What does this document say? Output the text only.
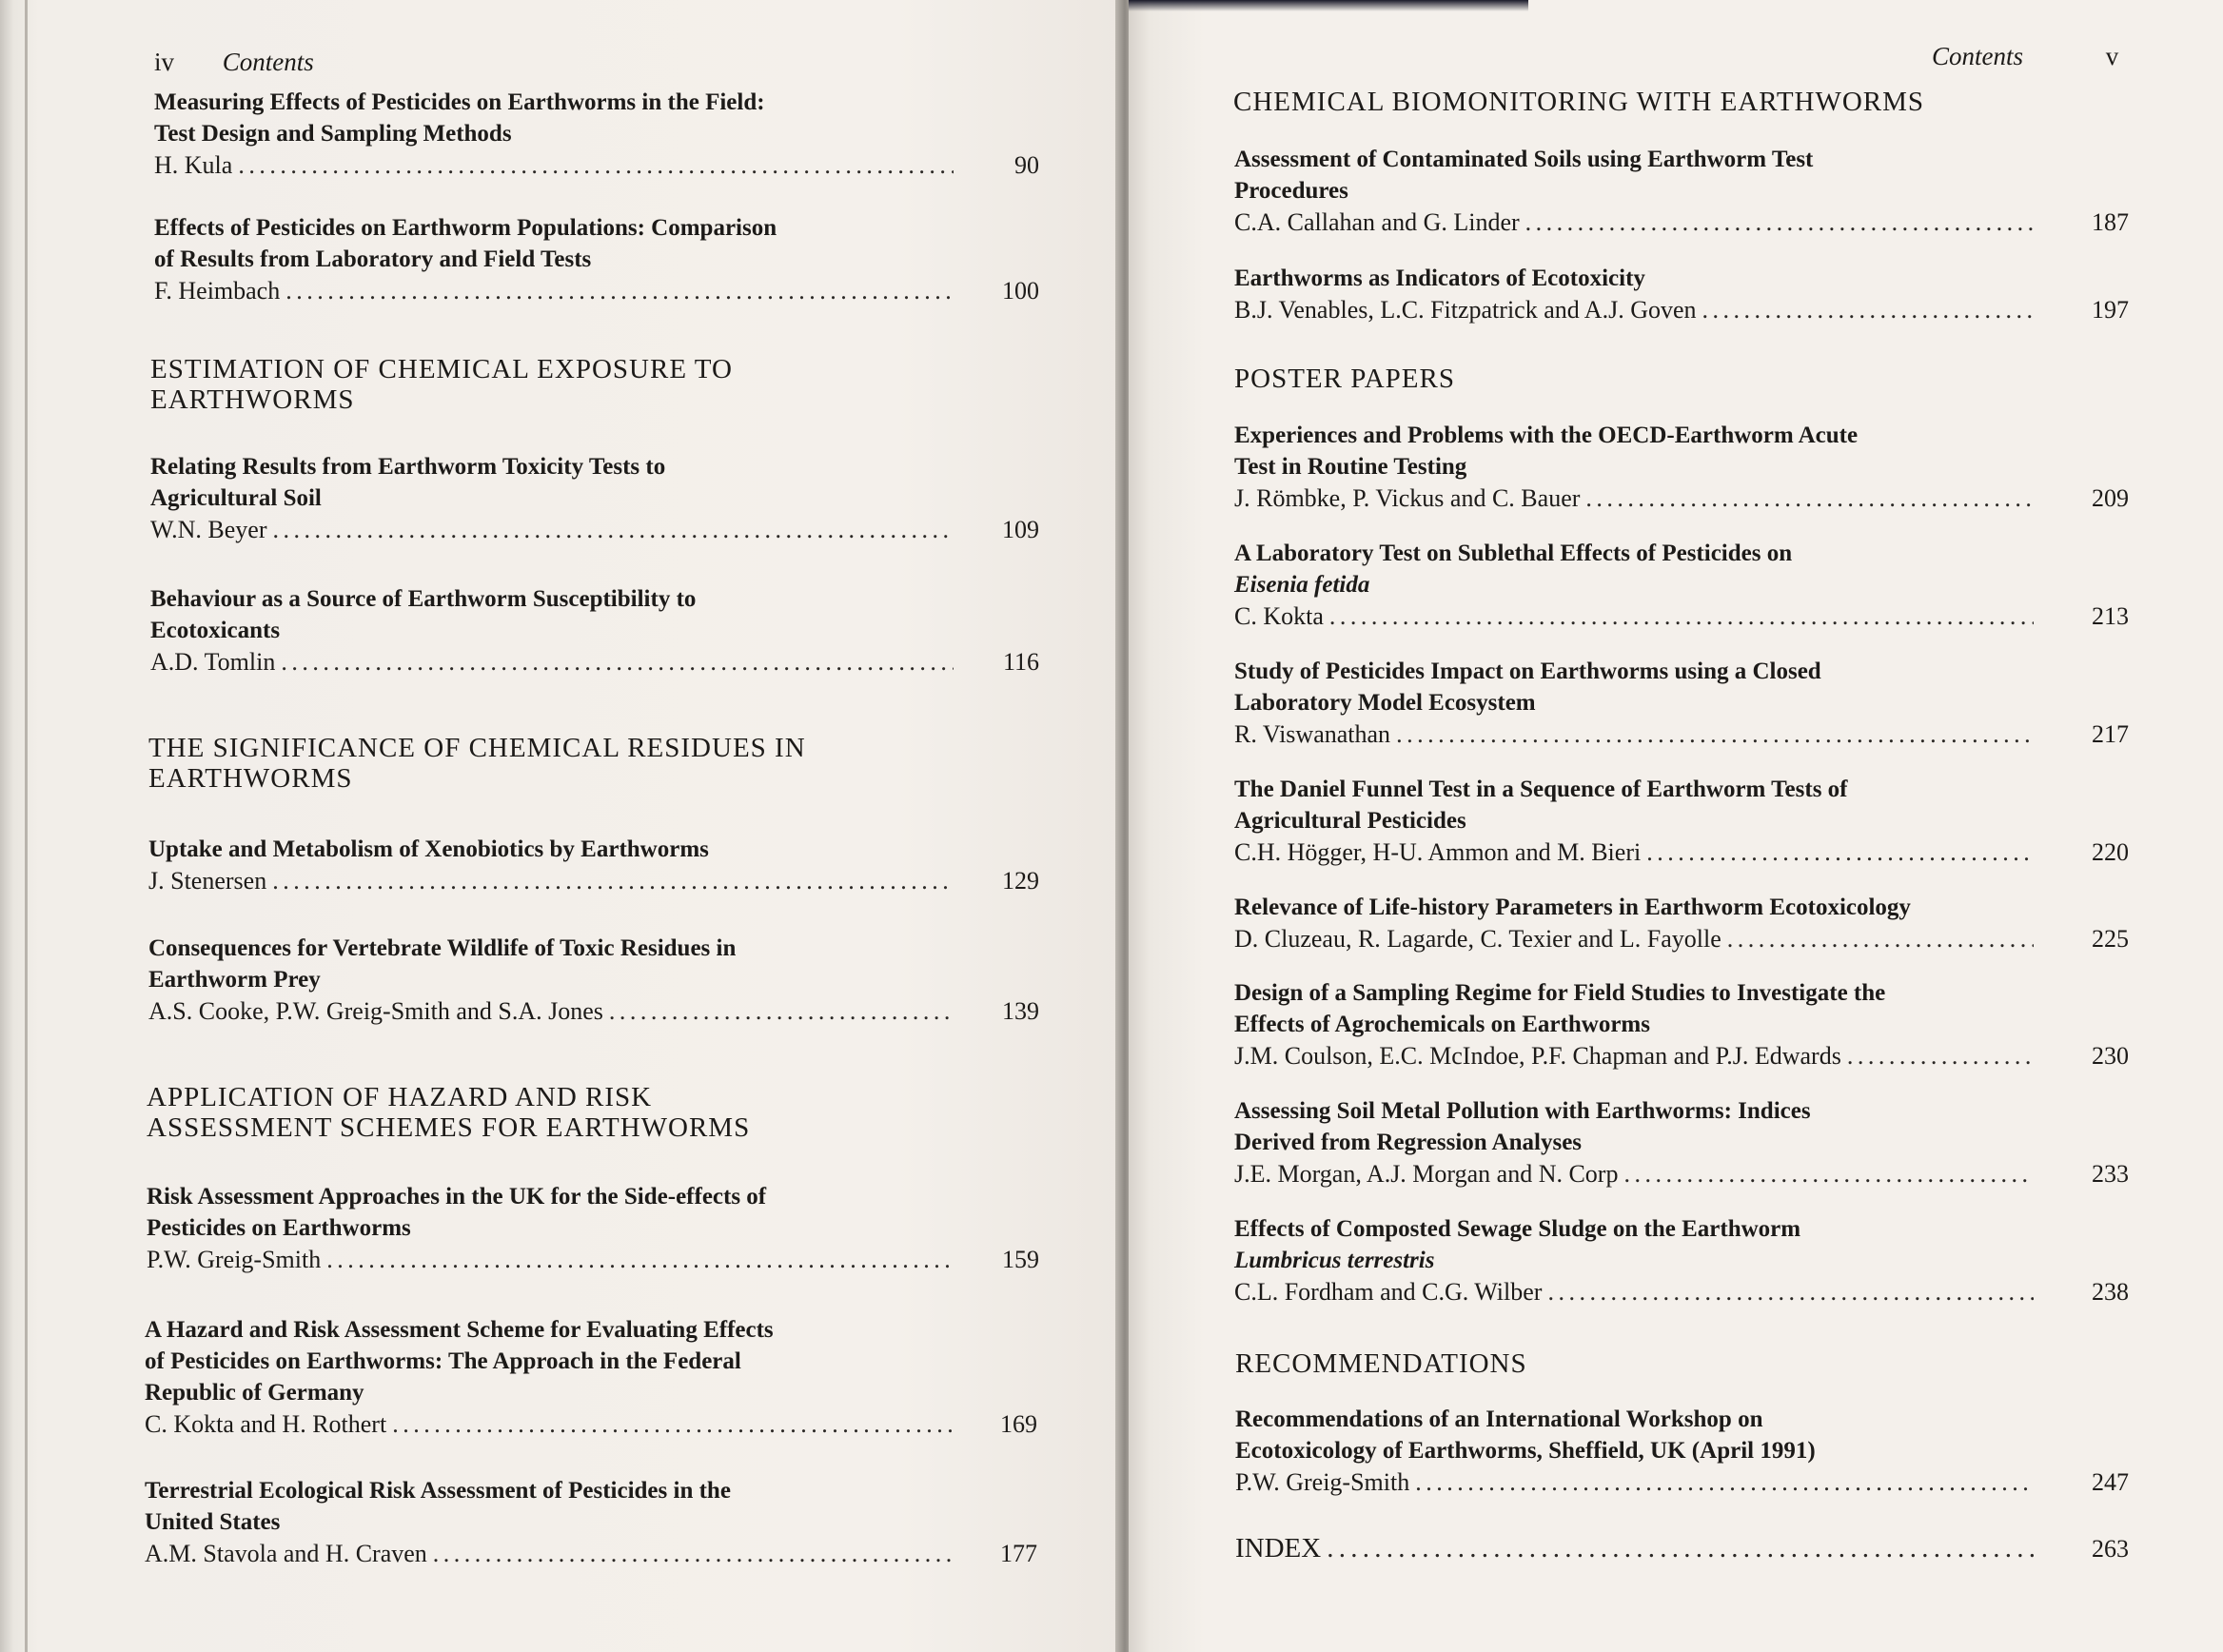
iv Contents
Measuring Effects of Pesticides on Earthworms in the Field:
Test Design and Sampling Methods
H. Kula . . .	90
Effects of Pesticides on Earthworm Populations: Comparison
of Results from Laboratory and Field Tests
F. Heimbach . . .	100
ESTIMATION OF CHEMICAL EXPOSURE TO
EARTHWORMS
Relating Results from Earthworm Toxicity Tests to
Agricultural Soil
W.N. Beyer . . .	109
Behaviour as a Source of Earthworm Susceptibility to
Ecotoxicants
A.D. Tomlin . . .	116
THE SIGNIFICANCE OF CHEMICAL RESIDUES IN
EARTHWORMS
Uptake and Metabolism of Xenobiotics by Earthworms
J. Stenersen . . .	129
Consequences for Vertebrate Wildlife of Toxic Residues in
Earthworm Prey
A.S. Cooke, P.W. Greig-Smith and S.A. Jones . . .	139
APPLICATION OF HAZARD AND RISK
ASSESSMENT SCHEMES FOR EARTHWORMS
Risk Assessment Approaches in the UK for the Side-effects of
Pesticides on Earthworms
P.W. Greig-Smith . . .	159
A Hazard and Risk Assessment Scheme for Evaluating Effects
of Pesticides on Earthworms: The Approach in the Federal
Republic of Germany
C. Kokta and H. Rothert . . .	169
Terrestrial Ecological Risk Assessment of Pesticides in the
United States
A.M. Stavola and H. Craven . . .	177
Contents	v
CHEMICAL BIOMONITORING WITH EARTHWORMS
Assessment of Contaminated Soils using Earthworm Test
Procedures
C.A. Callahan and G. Linder . . .	187
Earthworms as Indicators of Ecotoxicity
B.J. Venables, L.C. Fitzpatrick and A.J. Goven . . .	197
POSTER PAPERS
Experiences and Problems with the OECD-Earthworm Acute
Test in Routine Testing
J. Römbke, P. Vickus and C. Bauer . . .	209
A Laboratory Test on Sublethal Effects of Pesticides on
Eisenia fetida
C. Kokta . . .	213
Study of Pesticides Impact on Earthworms using a Closed
Laboratory Model Ecosystem
R. Viswanathan . . .	217
The Daniel Funnel Test in a Sequence of Earthworm Tests of
Agricultural Pesticides
C.H. Högger, H-U. Ammon and M. Bieri . . .	220
Relevance of Life-history Parameters in Earthworm Ecotoxicology
D. Cluzeau, R. Lagarde, C. Texier and L. Fayolle . . .	225
Design of a Sampling Regime for Field Studies to Investigate the
Effects of Agrochemicals on Earthworms
J.M. Coulson, E.C. McIndoe, P.F. Chapman and P.J. Edwards . . .	230
Assessing Soil Metal Pollution with Earthworms: Indices
Derived from Regression Analyses
J.E. Morgan, A.J. Morgan and N. Corp . . .	233
Effects of Composted Sewage Sludge on the Earthworm
Lumbricus terrestris
C.L. Fordham and C.G. Wilber . . .	238
RECOMMENDATIONS
Recommendations of an International Workshop on
Ecotoxicology of Earthworms, Sheffield, UK (April 1991)
P.W. Greig-Smith . . .	247
INDEX . . .	263
